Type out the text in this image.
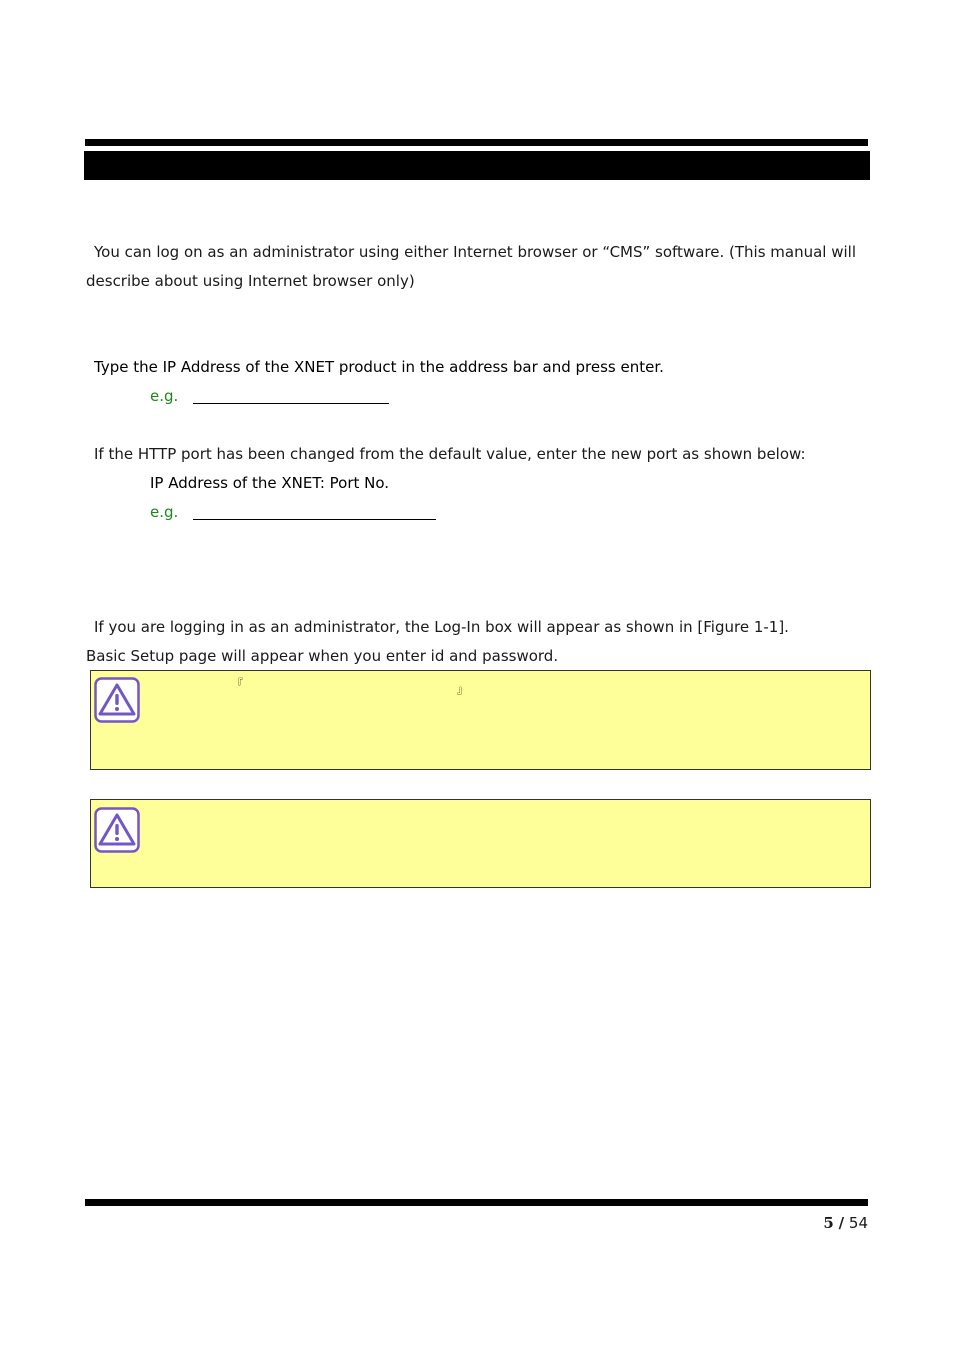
You can log on as an administrator using either Internet browser or “CMS” software. (This manual will
describe about using Internet browser only)
Type the IP Address of the XNET product in the address bar and press enter.
e.g.
If the HTTP port has been changed from the default value, enter the new port as shown below:
IP Address of the XNET: Port No.
e.g.
If you are logging in as an administrator, the Log-In box will appear as shown in [Figure 1-1].
Basic Setup page will appear when you enter id and password.
『	』
5 / 54
